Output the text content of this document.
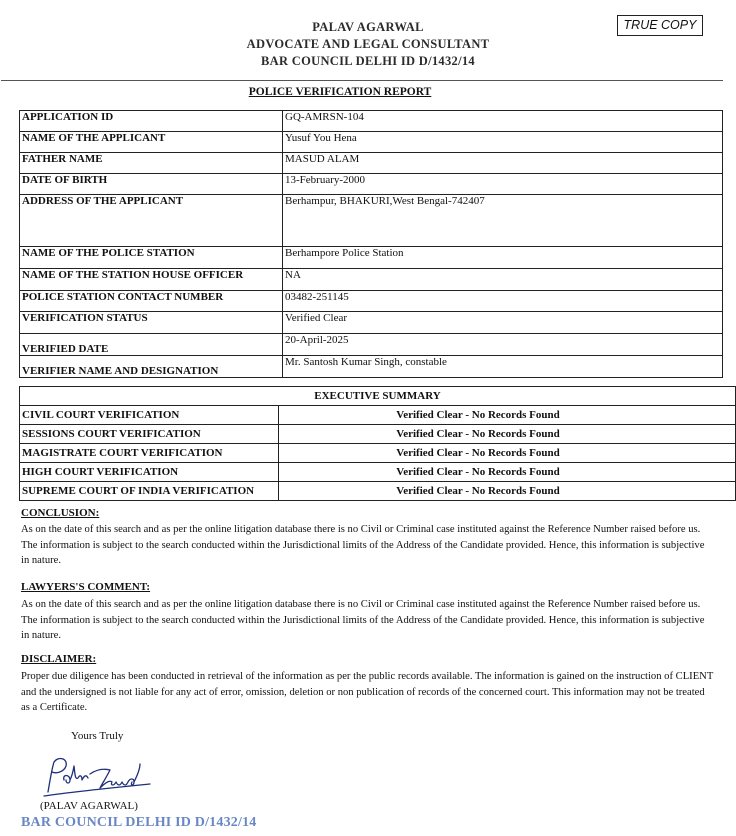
PALAV AGARWAL
ADVOCATE AND LEGAL CONSULTANT
BAR COUNCIL DELHI ID D/1432/14
TRUE COPY
POLICE VERIFICATION REPORT
APPLICATION ID	GQ-AMRSN-104
NAME OF THE APPLICANT	Yusuf You Hena
FATHER NAME	MASUD ALAM
DATE OF BIRTH	13-February-2000
ADDRESS OF THE APPLICANT	Berhampur, BHAKURI,West Bengal-742407
NAME OF THE POLICE STATION	Berhampore Police Station
NAME OF THE STATION HOUSE OFFICER	NA
POLICE STATION CONTACT NUMBER	03482-251145
VERIFICATION STATUS	Verified Clear
VERIFIED DATE	20-April-2025
VERIFIER NAME AND DESIGNATION	Mr. Santosh Kumar Singh, constable
EXECUTIVE SUMMARY	
CIVIL COURT VERIFICATION	Verified Clear - No Records Found
SESSIONS COURT VERIFICATION	Verified Clear - No Records Found
MAGISTRATE COURT VERIFICATION	Verified Clear - No Records Found
HIGH COURT VERIFICATION	Verified Clear - No Records Found
SUPREME COURT OF INDIA VERIFICATION	Verified Clear - No Records Found
CONCLUSION:
As on the date of this search and as per the online litigation database there is no Civil or Criminal case instituted against the Reference Number raised before us. The information is subject to the search conducted within the Jurisdictional limits of the Address of the Candidate provided. Hence, this information is subjective in nature.
LAWYERS'S COMMENT:
As on the date of this search and as per the online litigation database there is no Civil or Criminal case instituted against the Reference Number raised before us. The information is subject to the search conducted within the Jurisdictional limits of the Address of the Candidate provided. Hence, this information is subjective in nature.
DISCLAIMER:
Proper due diligence has been conducted in retrieval of the information as per the public records available. The information is gained on the instruction of CLIENT and the undersigned is not liable for any act of error, omission, deletion or non publication of records of the concerned court. This information may not be treated as a Certificate.
Yours Truly
(PALAV AGARWAL)
BAR COUNCIL DELHI ID D/1432/14
